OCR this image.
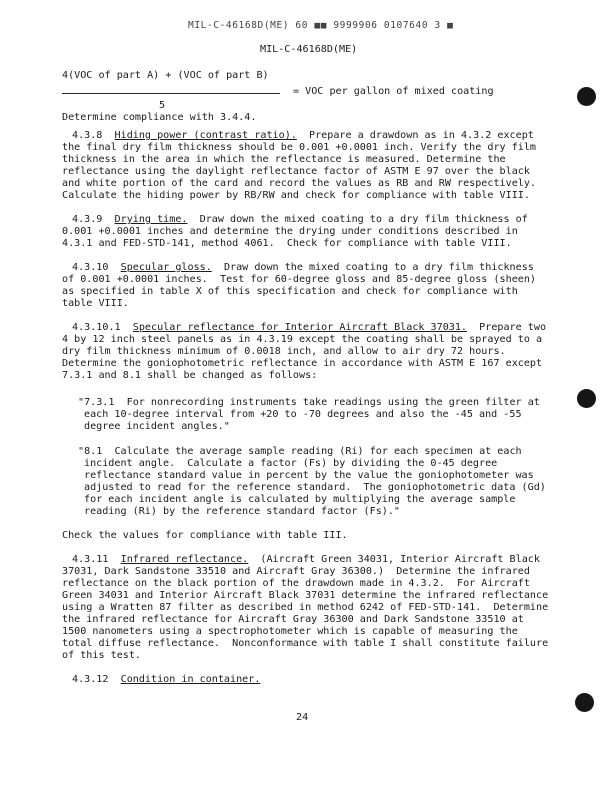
MIL-C-46168D(ME) 60 ■■ 9999906 0107640 3 ■
MIL-C-46168D(ME)
4(VOC of part A) + (VOC of part B)
= VOC per gallon of mixed coating
5
Determine compliance with 3.4.4.
4.3.8 Hiding power (contrast ratio). Prepare a drawdown as in 4.3.2 except
the final dry film thickness should be 0.001 +0.0001 inch. Verify the dry film
thickness in the area in which the reflectance is measured. Determine the
reflectance using the daylight reflectance factor of ASTM E 97 over the black
and white portion of the card and record the values as RB and RW respectively.
Calculate the hiding power by RB/RW and check for compliance with table VIII.
4.3.9 Drying time. Draw down the mixed coating to a dry film thickness of
0.001 +0.0001 inches and determine the drying under conditions described in
4.3.1 and FED-STD-141, method 4061.  Check for compliance with table VIII.
4.3.10 Specular gloss. Draw down the mixed coating to a dry film thickness
of 0.001 +0.0001 inches.  Test for 60-degree gloss and 85-degree gloss (sheen)
as specified in table X of this specification and check for compliance with
table VIII.
4.3.10.1 Specular reflectance for Interior Aircraft Black 37031. Prepare two
4 by 12 inch steel panels as in 4.3.19 except the coating shall be sprayed to a
dry film thickness minimum of 0.0018 inch, and allow to air dry 72 hours.
Determine the goniophotometric reflectance in accordance with ASTM E 167 except
7.3.1 and 8.1 shall be changed as follows:
"7.3.1  For nonrecording instruments take readings using the green filter at
each 10-degree interval from +20 to -70 degrees and also the -45 and -55
degree incident angles."
"8.1  Calculate the average sample reading (Ri) for each specimen at each
incident angle.  Calculate a factor (Fs) by dividing the 0-45 degree
reflectance standard value in percent by the value the goniophotometer was
adjusted to read for the reference standard.  The goniophotometric data (Gd)
for each incident angle is calculated by multiplying the average sample
reading (Ri) by the reference standard factor (Fs)."
Check the values for compliance with table III.
4.3.11 Infrared reflectance. (Aircraft Green 34031, Interior Aircraft Black
37031, Dark Sandstone 33510 and Aircraft Gray 36300.)  Determine the infrared
reflectance on the black portion of the drawdown made in 4.3.2.  For Aircraft
Green 34031 and Interior Aircraft Black 37031 determine the infrared reflectance
using a Wratten 87 filter as described in method 6242 of FED-STD-141.  Determine
the infrared reflectance for Aircraft Gray 36300 and Dark Sandstone 33510 at
1500 nanometers using a spectrophotometer which is capable of measuring the
total diffuse reflectance.  Nonconformance with table I shall constitute failure
of this test.
4.3.12 Condition in container.
24
